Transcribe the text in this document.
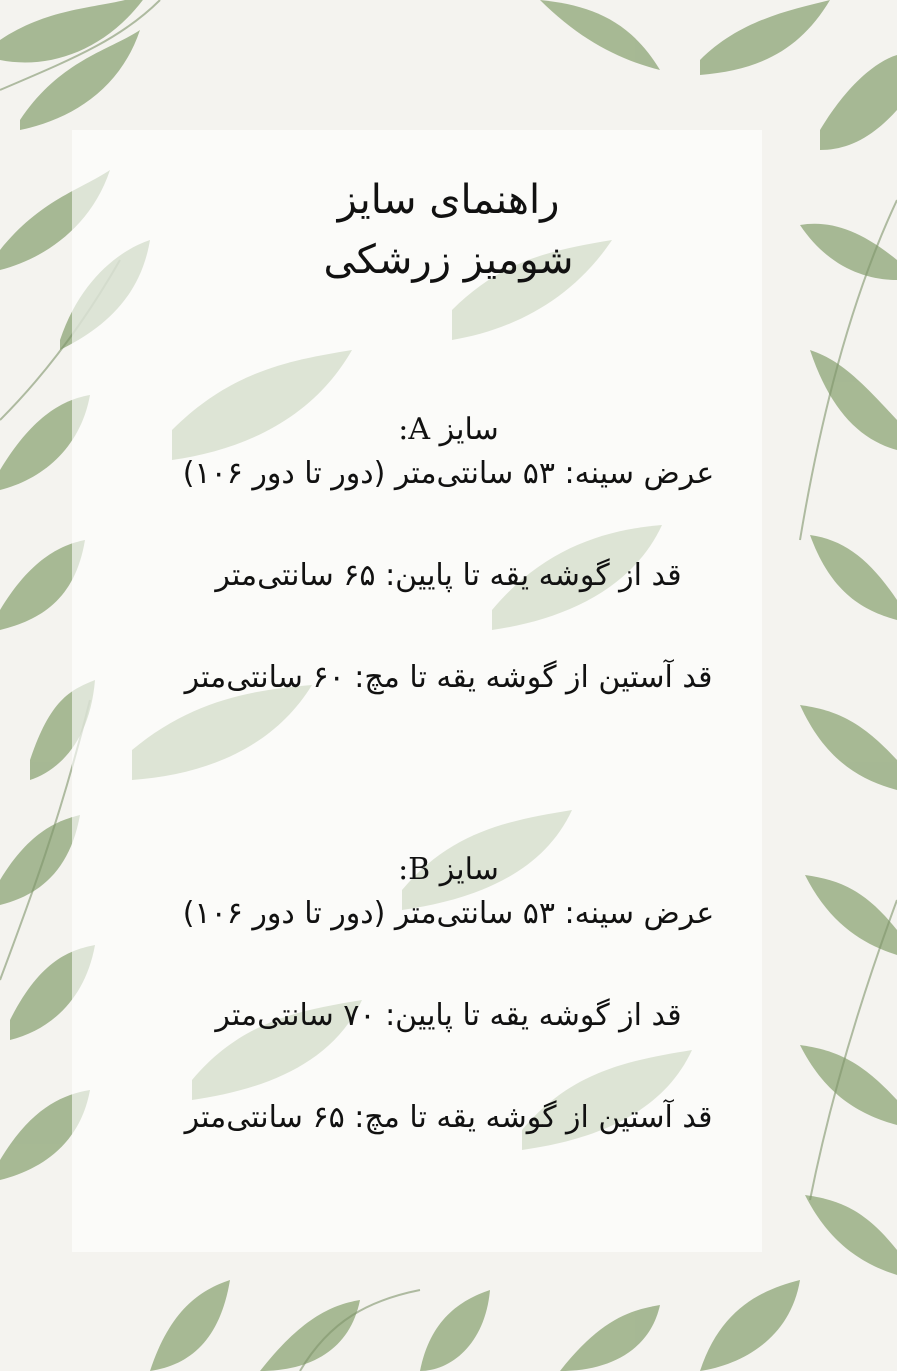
راهنمای سایز
شومیز زرشکی
سایز A:
عرض سینه: ۵۳ سانتی‌متر (دور تا دور ۱۰۶)
قد از گوشه یقه تا پایین: ۶۵ سانتی‌متر
قد آستین از گوشه یقه تا مچ: ۶۰ سانتی‌متر
سایز B:
عرض سینه: ۵۳ سانتی‌متر (دور تا دور ۱۰۶)
قد از گوشه یقه تا پایین: ۷۰ سانتی‌متر
قد آستین از گوشه یقه تا مچ: ۶۵ سانتی‌متر
